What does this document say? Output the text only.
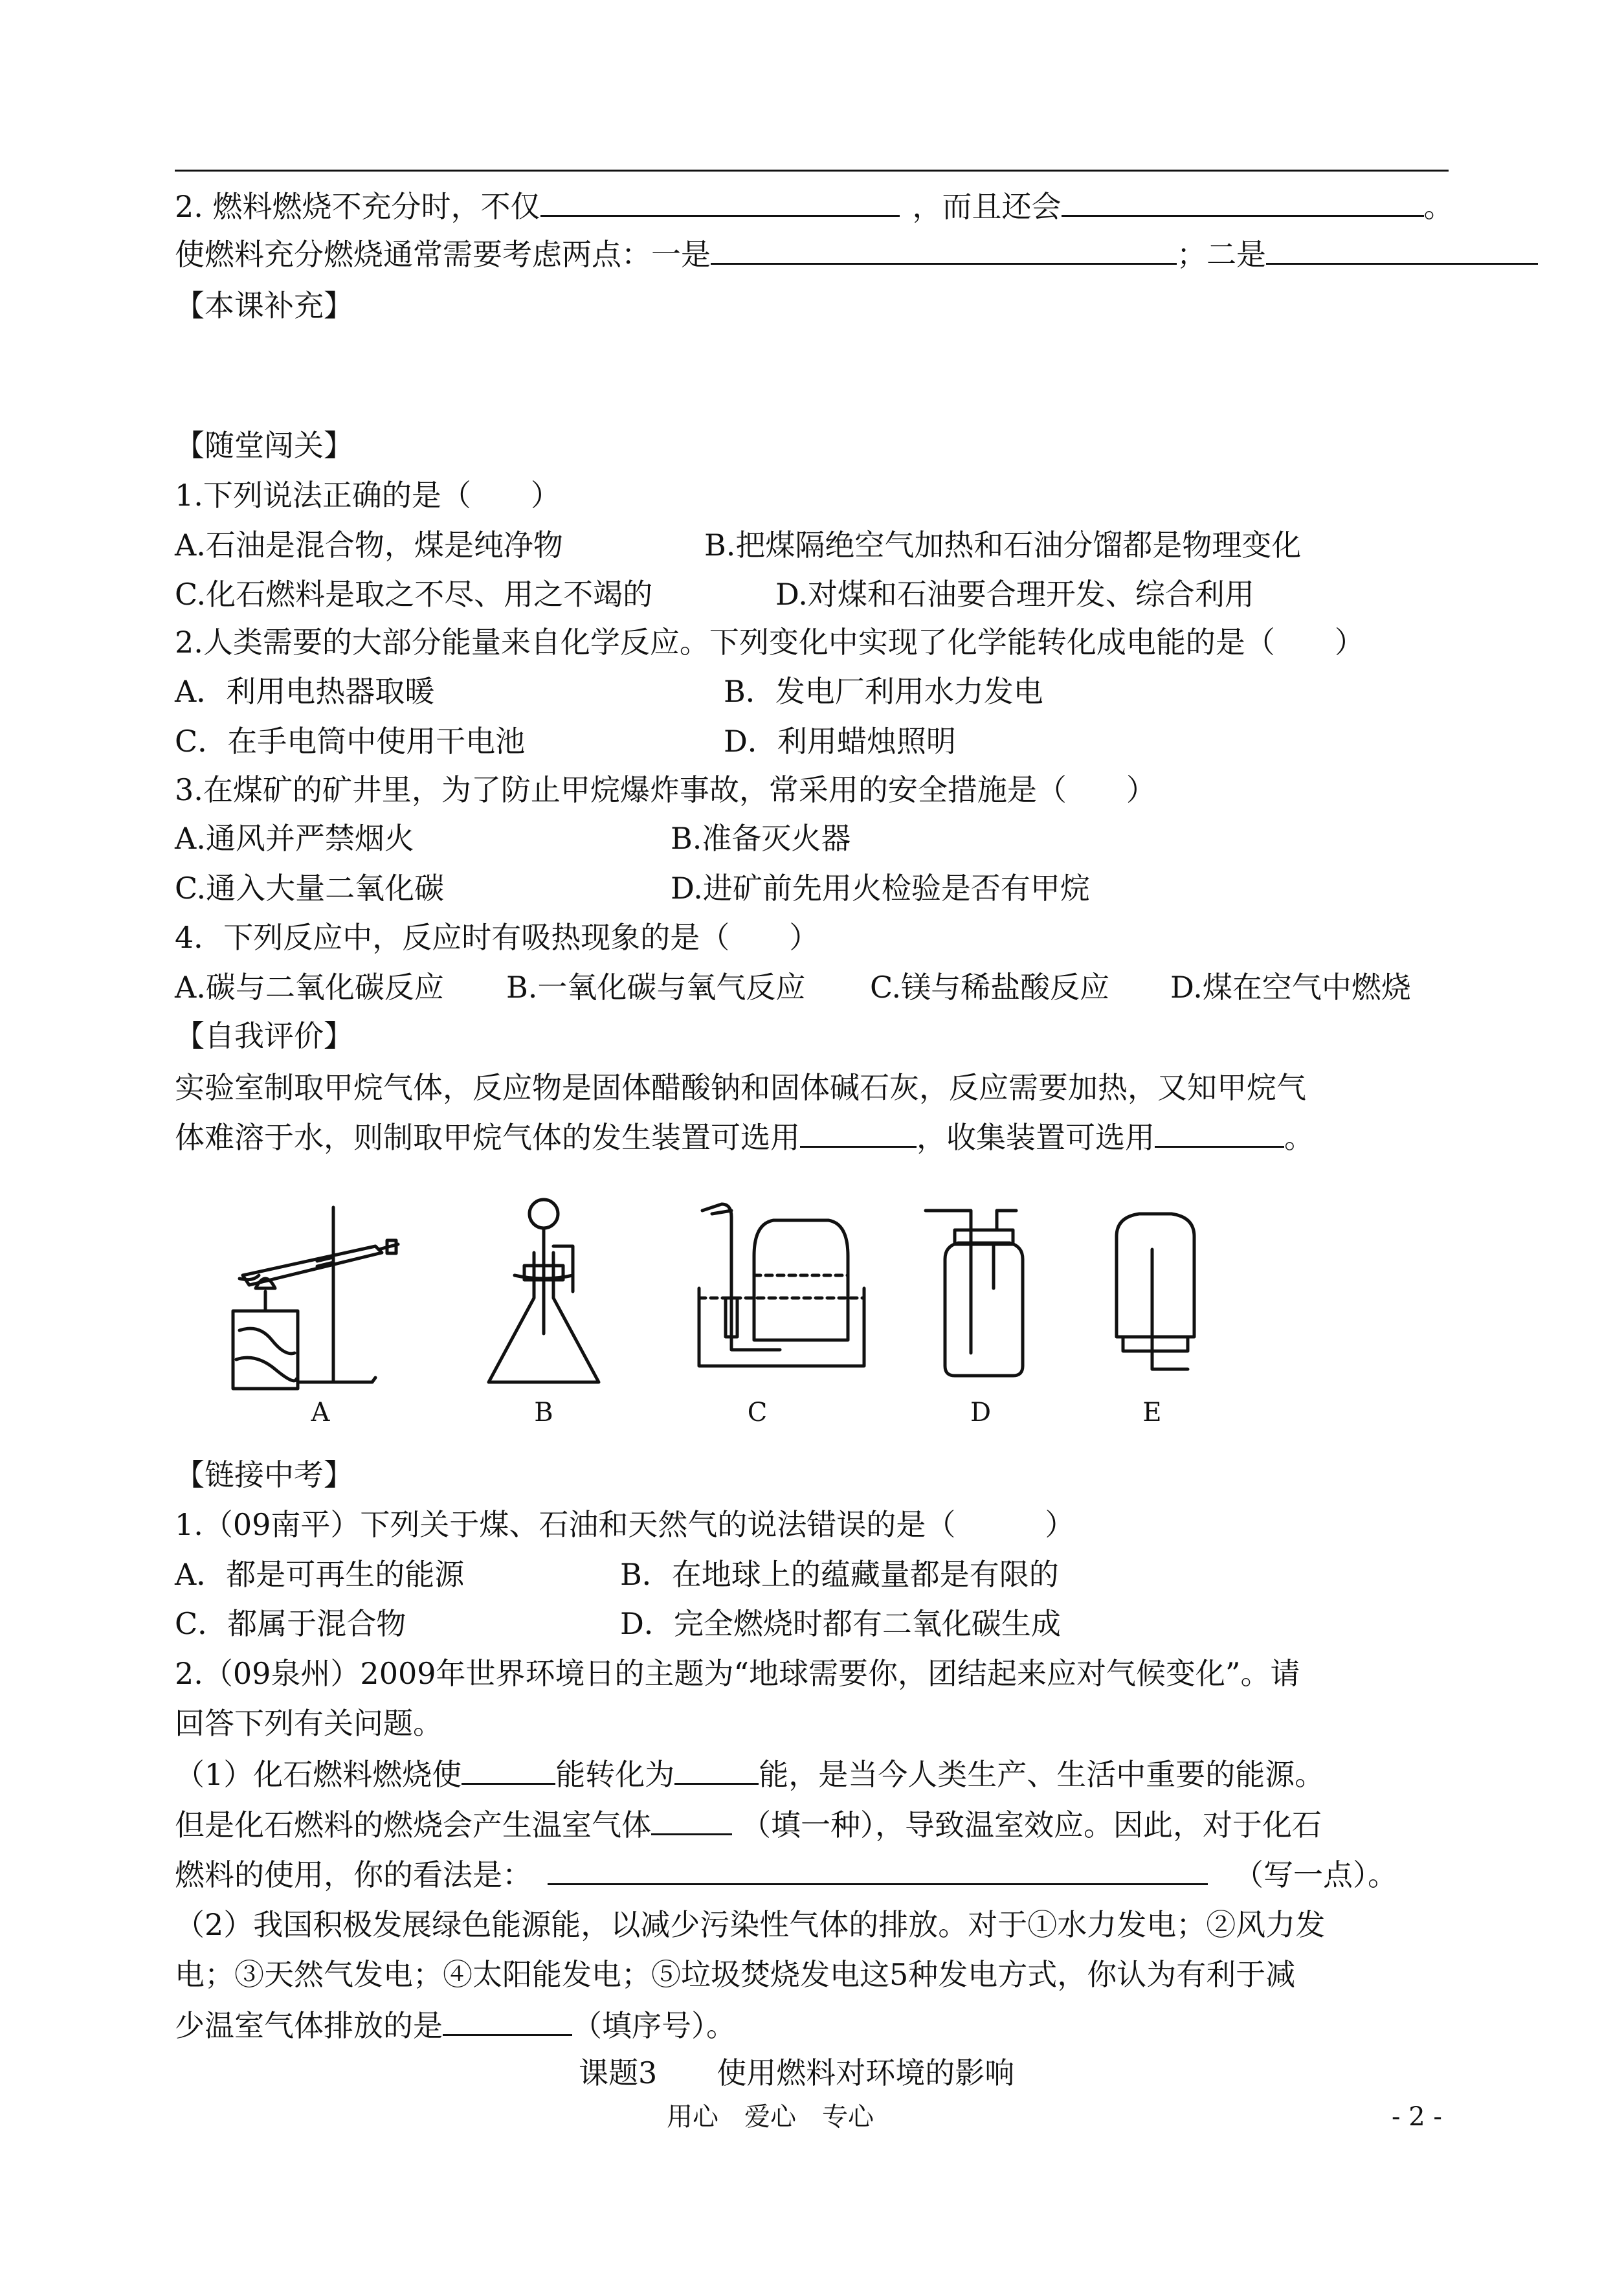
2. 燃料燃烧不充分时，不仅	，而且还会	。
使燃料充分燃烧通常需要考虑两点：一是	；二是
【本课补充】
【随堂闯关】
1.下列说法正确的是（　　）
A.石油是混合物，煤是纯净物	B.把煤隔绝空气加热和石油分馏都是物理变化
C.化石燃料是取之不尽、用之不竭的	D.对煤和石油要合理开发、综合利用
2.人类需要的大部分能量来自化学反应。下列变化中实现了化学能转化成电能的是（　　）
A．利用电热器取暖	B．发电厂利用水力发电
C．在手电筒中使用干电池	D．利用蜡烛照明
3.在煤矿的矿井里，为了防止甲烷爆炸事故，常采用的安全措施是（　　）
A.通风并严禁烟火	B.准备灭火器
C.通入大量二氧化碳	D.进矿前先用火检验是否有甲烷
4．下列反应中，反应时有吸热现象的是（　　）
A.碳与二氧化碳反应 B.一氧化碳与氧气反应 C.镁与稀盐酸反应 D.煤在空气中燃烧
【自我评价】
实验室制取甲烷气体，反应物是固体醋酸钠和固体碱石灰，反应需要加热，又知甲烷气
体难溶于水，则制取甲烷气体的发生装置可选用	，收集装置可选用	。
A	B	C	D	E
【链接中考】
1.（09南平）下列关于煤、石油和天然气的说法错误的是（　　　）
A．都是可再生的能源	B．在地球上的蕴藏量都是有限的
C．都属于混合物	D．完全燃烧时都有二氧化碳生成
2.（09泉州）2009年世界环境日的主题为“地球需要你，团结起来应对气候变化”。请
回答下列有关问题。
（1）化石燃料燃烧使	能转化为	能，是当今人类生产、生活中重要的能源。
但是化石燃料的燃烧会产生温室气体	（填一种），导致温室效应。因此，对于化石
燃料的使用，你的看法是：	（写一点）。
（2）我国积极发展绿色能源能，以减少污染性气体的排放。对于①水力发电；②风力发
电；③天然气发电；④太阳能发电；⑤垃圾焚烧发电这5种发电方式，你认为有利于减
少温室气体排放的是	（填序号）。
课题3　　使用燃料对环境的影响
用心　爱心　专心	- 2 -
